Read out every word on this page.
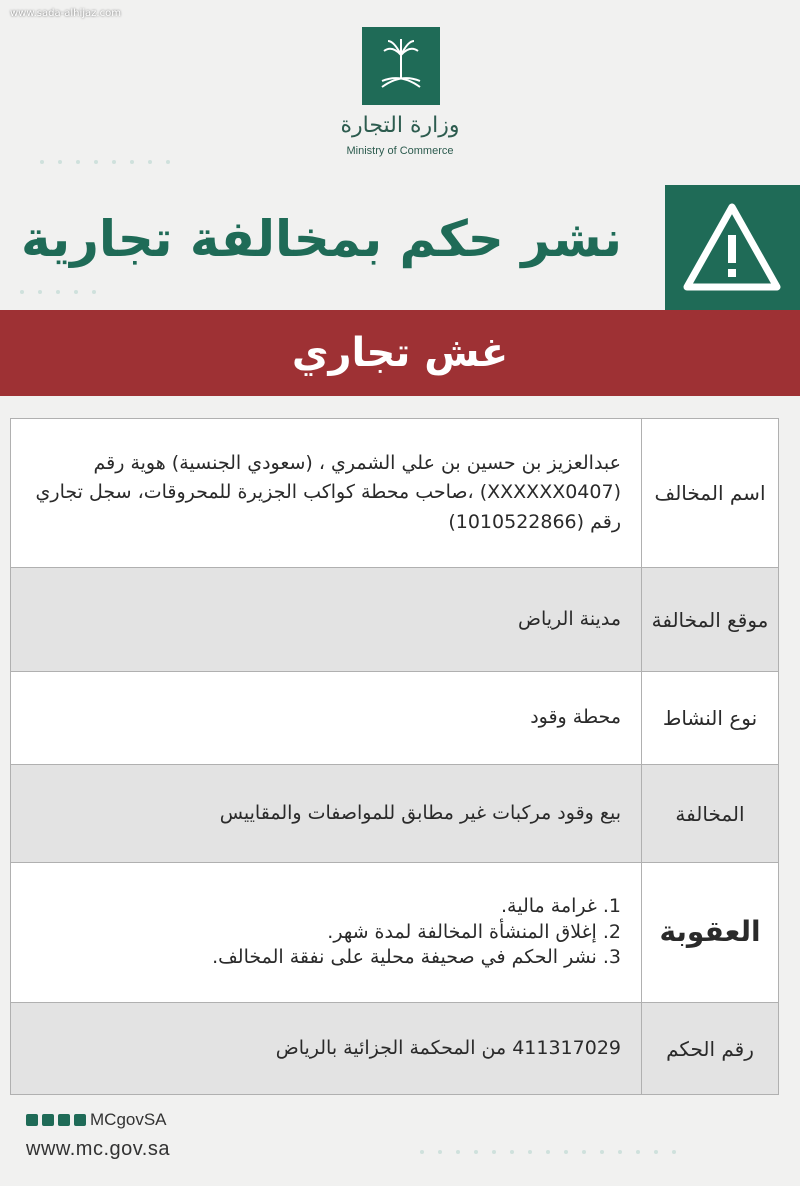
www.sada-alhijaz.com
وزارة التجارة
Ministry of Commerce
نشر حكم بمخالفة تجارية
غش تجاري
اسم المخالف
عبدالعزيز بن حسين بن علي الشمري ، (سعودي الجنسية) هوية رقم (XXXXXX0407) ،صاحب محطة كواكب الجزيرة للمحروقات، سجل تجاري رقم (1010522866)
موقع المخالفة
مدينة الرياض
نوع النشاط
محطة وقود
المخالفة
بيع وقود مركبات غير مطابق للمواصفات والمقاييس
العقوبة
1. غرامة مالية.
2. إغلاق المنشأة المخالفة لمدة شهر.
3. نشر الحكم في صحيفة محلية على نفقة المخالف.
رقم الحكم
411317029 من المحكمة الجزائية بالرياض
MCgovSA
www.mc.gov.sa
